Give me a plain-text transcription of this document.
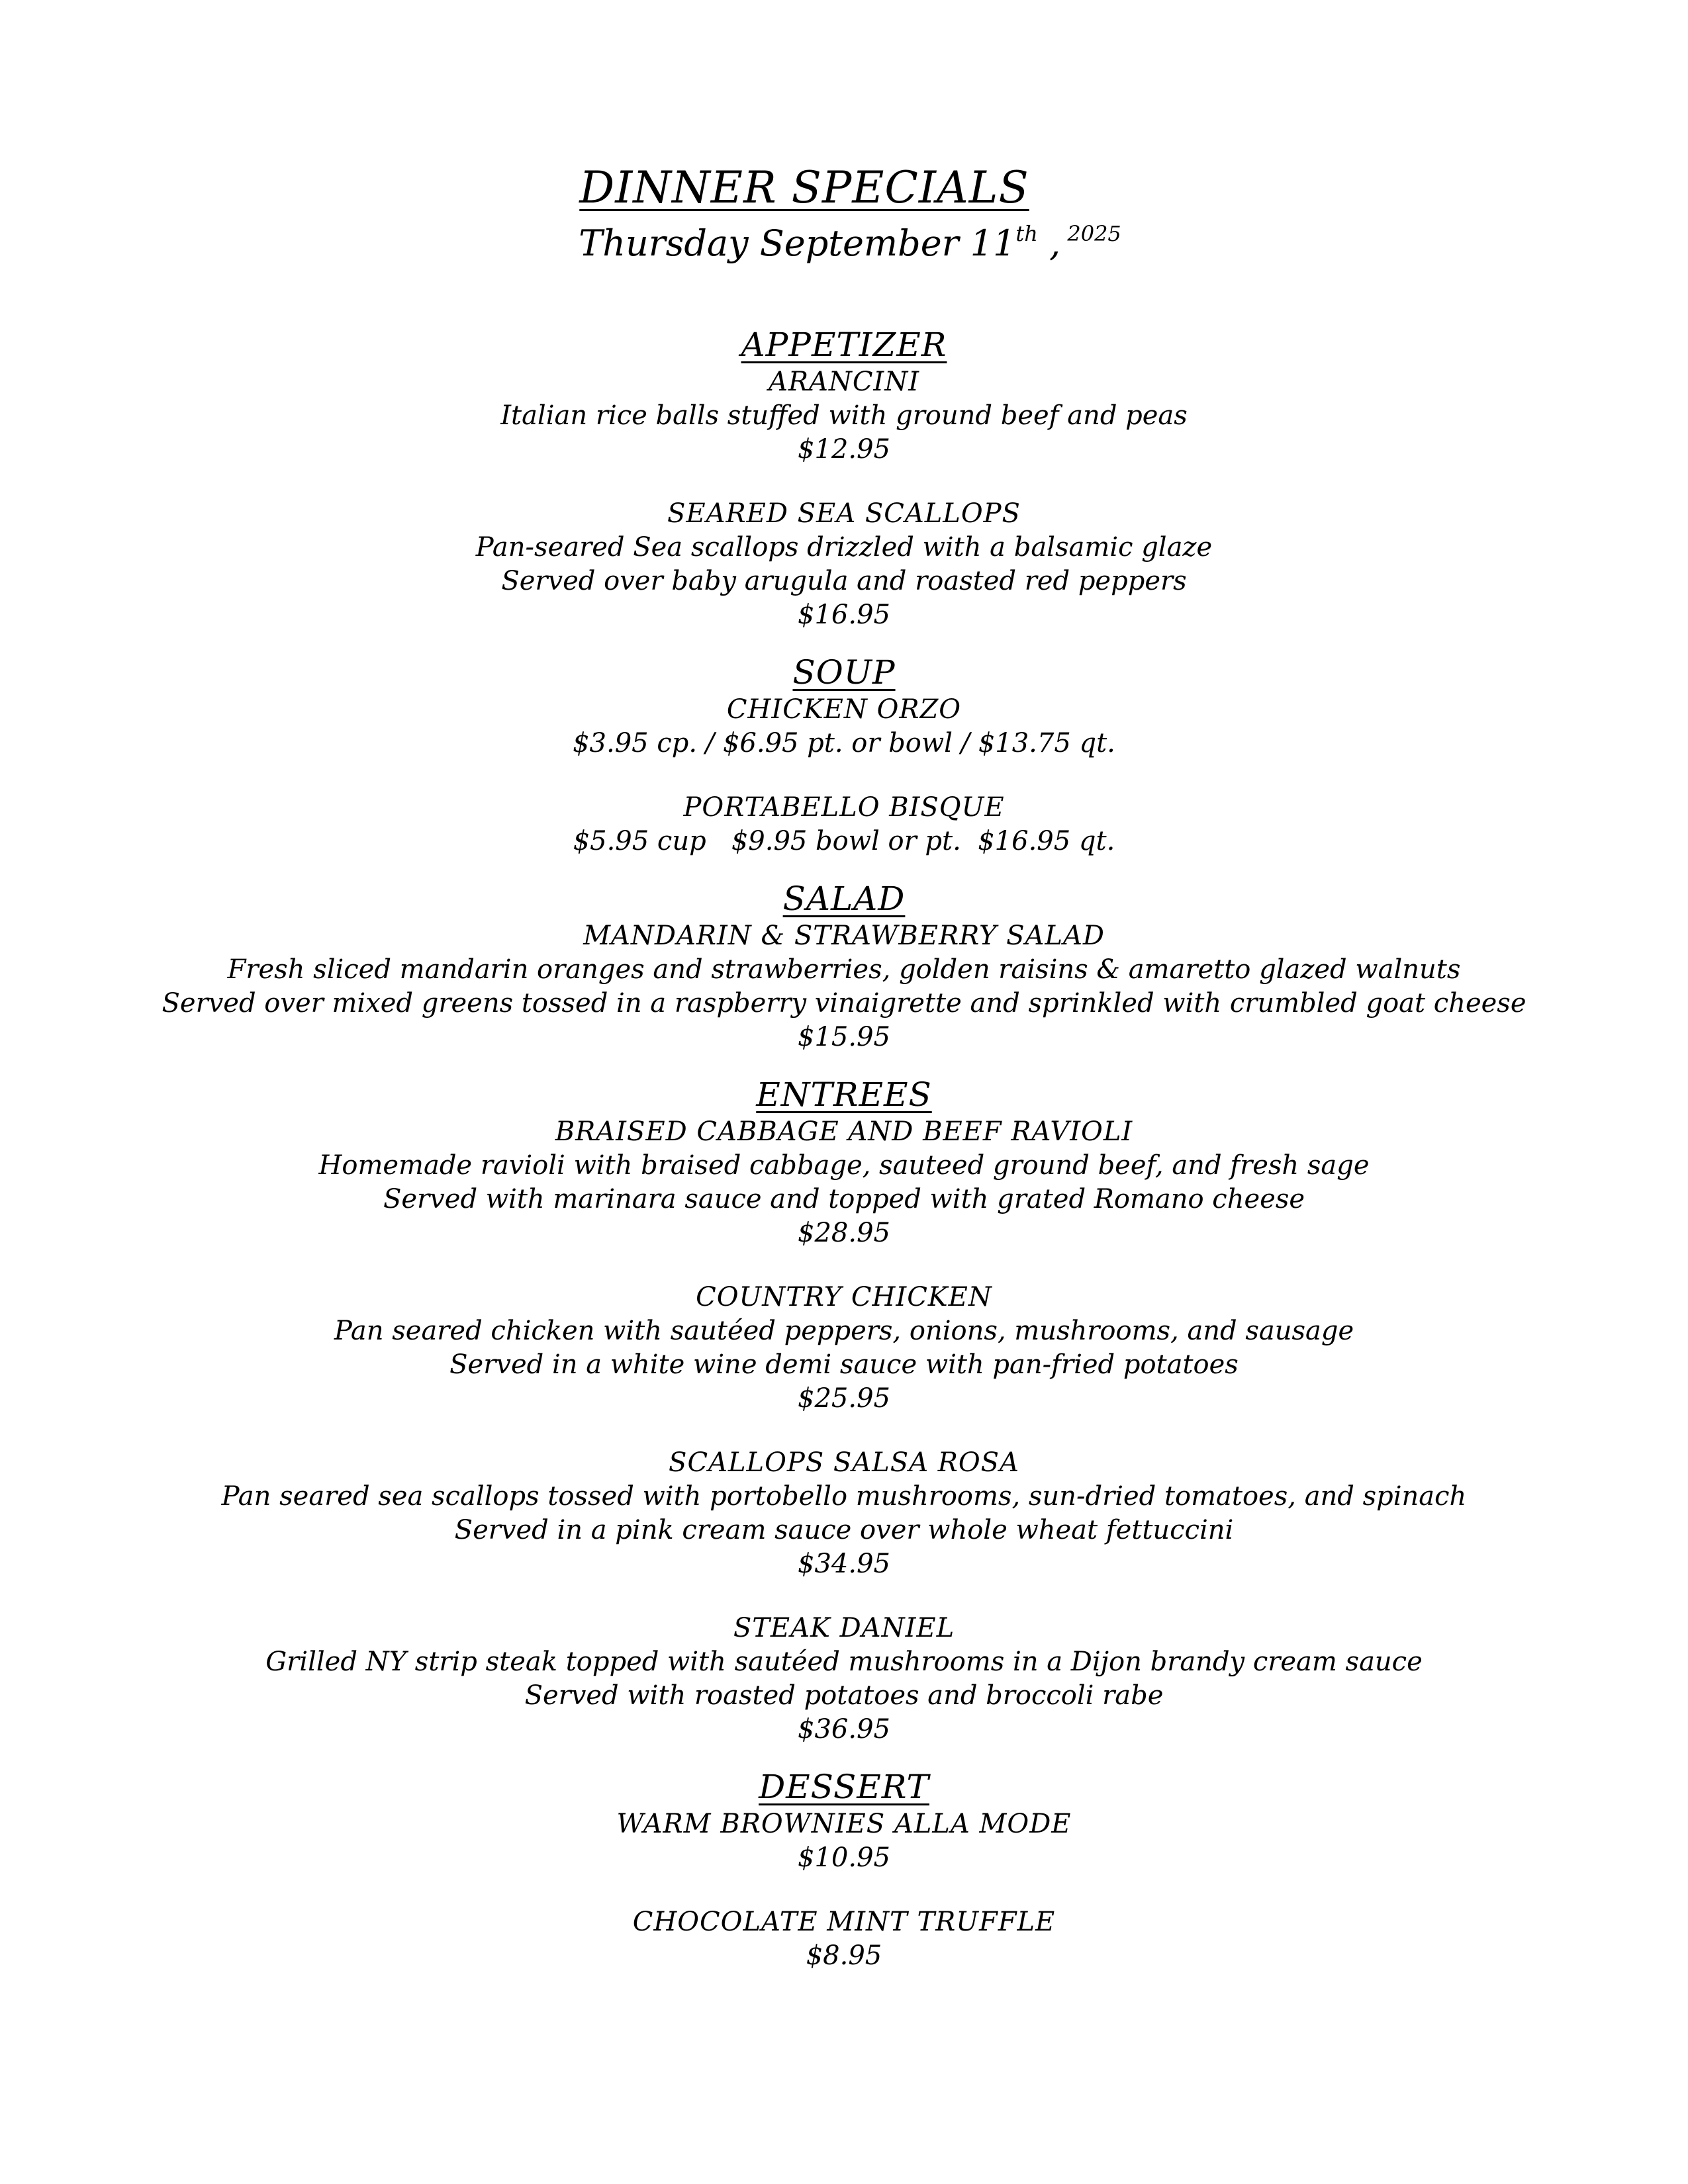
DINNER SPECIALS
Thursday September 11th , $^{2025}$
APPETIZER
ARANCINI
Italian rice balls stuffed with ground beef and peas
$12.95
SEARED SEA SCALLOPS
Pan-seared Sea scallops drizzled with a balsamic glaze
Served over baby arugula and roasted red peppers
$16.95
SOUP
CHICKEN ORZO
$3.95 cp. / $6.95 pt. or bowl / $13.75 qt.
PORTABELLO BISQUE
$5.95 cup   $9.95 bowl or pt.  $16.95 qt.
SALAD
MANDARIN & STRAWBERRY SALAD
Fresh sliced mandarin oranges and strawberries, golden raisins & amaretto glazed walnuts
Served over mixed greens tossed in a raspberry vinaigrette and sprinkled with crumbled goat cheese
$15.95
ENTREES
BRAISED CABBAGE AND BEEF RAVIOLI
Homemade ravioli with braised cabbage, sauteed ground beef, and fresh sage
Served with marinara sauce and topped with grated Romano cheese
$28.95
COUNTRY CHICKEN
Pan seared chicken with sautéed peppers, onions, mushrooms, and sausage
Served in a white wine demi sauce with pan-fried potatoes
$25.95
SCALLOPS SALSA ROSA
Pan seared sea scallops tossed with portobello mushrooms, sun-dried tomatoes, and spinach
Served in a pink cream sauce over whole wheat fettuccini
$34.95
STEAK DANIEL
Grilled NY strip steak topped with sautéed mushrooms in a Dijon brandy cream sauce
Served with roasted potatoes and broccoli rabe
$36.95
DESSERT
WARM BROWNIES ALLA MODE
$10.95
CHOCOLATE MINT TRUFFLE
$8.95
